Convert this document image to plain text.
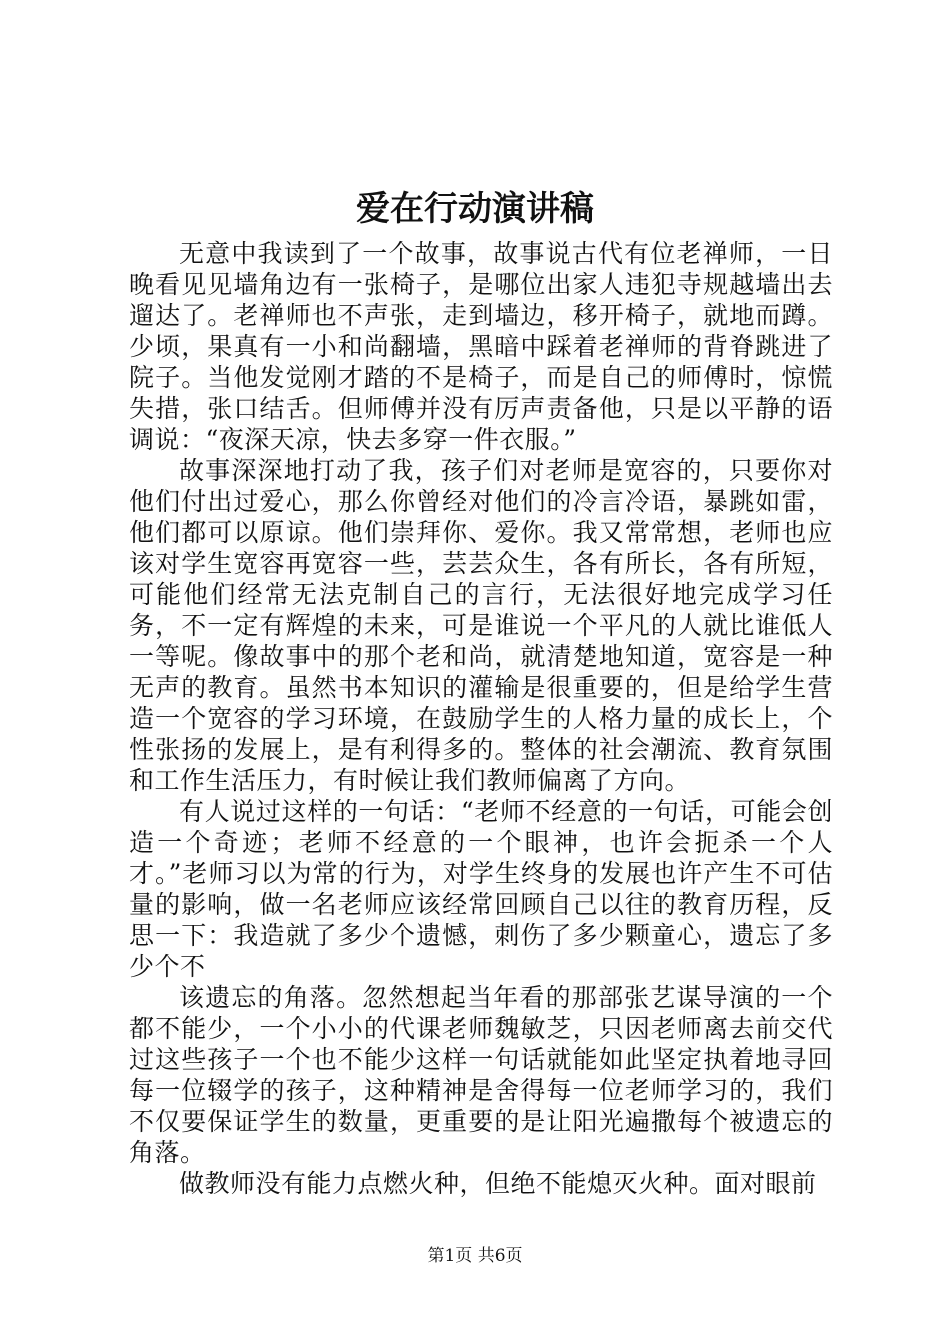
爱在行动演讲稿

无意中我读到了一个故事，故事说古代有位老禅师，一日晚看见见墙角边有一张椅子，是哪位出家人违犯寺规越墙出去遛达了。老禅师也不声张，走到墙边，移开椅子，就地而蹲。少顷，果真有一小和尚翻墙，黑暗中踩着老禅师的背脊跳进了院子。当他发觉刚才踏的不是椅子，而是自己的师傅时，惊慌失措，张口结舌。但师傅并没有厉声责备他，只是以平静的语调说：“夜深天凉，快去多穿一件衣服。”

故事深深地打动了我，孩子们对老师是宽容的，只要你对他们付出过爱心，那么你曾经对他们的冷言冷语，暴跳如雷，他们都可以原谅。他们崇拜你、爱你。我又常常想，老师也应该对学生宽容再宽容一些，芸芸众生，各有所长，各有所短，可能他们经常无法克制自己的言行，无法很好地完成学习任务，不一定有辉煌的未来，可是谁说一个平凡的人就比谁低人一等呢。像故事中的那个老和尚，就清楚地知道，宽容是一种无声的教育。虽然书本知识的灌输是很重要的，但是给学生营造一个宽容的学习环境，在鼓励学生的人格力量的成长上，个性张扬的发展上，是有利得多的。整体的社会潮流、教育氛围和工作生活压力，有时候让我们教师偏离了方向。

有人说过这样的一句话：“老师不经意的一句话，可能会创造一个奇迹；老师不经意的一个眼神，也许会扼杀一个人才。”老师习以为常的行为，对学生终身的发展也许产生不可估量的影响，做一名老师应该经常回顾自己以往的教育历程，反思一下：我造就了多少个遗憾，刺伤了多少颗童心，遗忘了多少个不

该遗忘的角落。忽然想起当年看的那部张艺谋导演的一个都不能少，一个小小的代课老师魏敏芝，只因老师离去前交代过这些孩子一个也不能少这样一句话就能如此坚定执着地寻回每一位辍学的孩子，这种精神是舍得每一位老师学习的，我们不仅要保证学生的数量，更重要的是让阳光遍撒每个被遗忘的角落。

做教师没有能力点燃火种，但绝不能熄灭火种。面对眼前

第1页 共6页
